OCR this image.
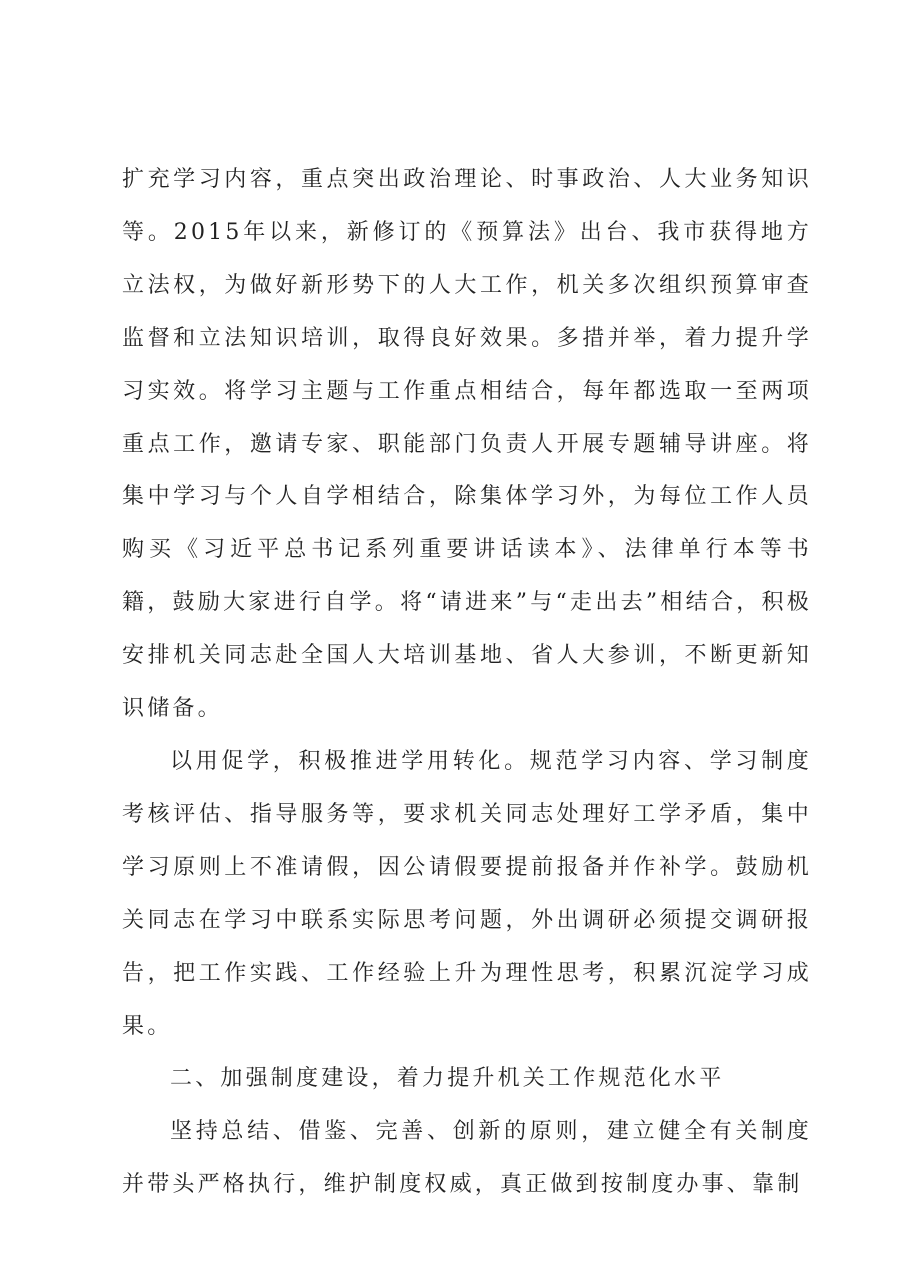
扩充学习内容，重点突出政治理论、时事政治、人大业务知识等。2015年以来，新修订的《预算法》出台、我市获得地方立法权，为做好新形势下的人大工作，机关多次组织预算审查监督和立法知识培训，取得良好效果。多措并举，着力提升学习实效。将学习主题与工作重点相结合，每年都选取一至两项重点工作，邀请专家、职能部门负责人开展专题辅导讲座。将集中学习与个人自学相结合，除集体学习外，为每位工作人员购买《习近平总书记系列重要讲话读本》、法律单行本等书籍，鼓励大家进行自学。将“请进来”与“走出去”相结合，积极安排机关同志赴全国人大培训基地、省人大参训，不断更新知识储备。

以用促学，积极推进学用转化。规范学习内容、学习制度考核评估、指导服务等，要求机关同志处理好工学矛盾，集中学习原则上不准请假，因公请假要提前报备并作补学。鼓励机关同志在学习中联系实际思考问题，外出调研必须提交调研报告，把工作实践、工作经验上升为理性思考，积累沉淀学习成果。

二、加强制度建设，着力提升机关工作规范化水平

坚持总结、借鉴、完善、创新的原则，建立健全有关制度并带头严格执行，维护制度权威，真正做到按制度办事、靠制
